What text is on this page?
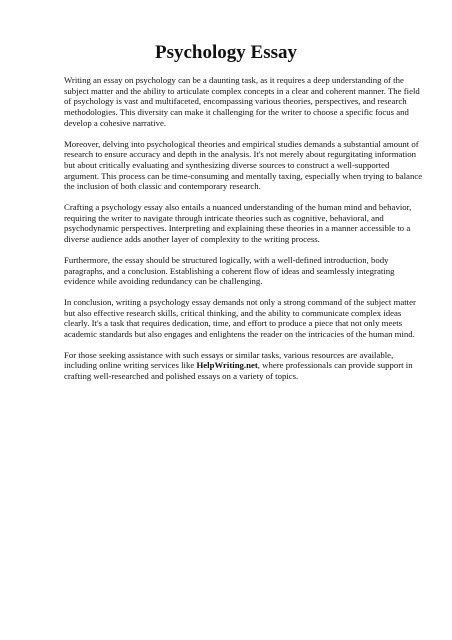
Psychology Essay

Writing an essay on psychology can be a daunting task, as it requires a deep understanding of the subject matter and the ability to articulate complex concepts in a clear and coherent manner. The field of psychology is vast and multifaceted, encompassing various theories, perspectives, and research methodologies. This diversity can make it challenging for the writer to choose a specific focus and develop a cohesive narrative.

Moreover, delving into psychological theories and empirical studies demands a substantial amount of research to ensure accuracy and depth in the analysis. It's not merely about regurgitating information but about critically evaluating and synthesizing diverse sources to construct a well-supported argument. This process can be time-consuming and mentally taxing, especially when trying to balance the inclusion of both classic and contemporary research.

Crafting a psychology essay also entails a nuanced understanding of the human mind and behavior, requiring the writer to navigate through intricate theories such as cognitive, behavioral, and psychodynamic perspectives. Interpreting and explaining these theories in a manner accessible to a diverse audience adds another layer of complexity to the writing process.

Furthermore, the essay should be structured logically, with a well-defined introduction, body paragraphs, and a conclusion. Establishing a coherent flow of ideas and seamlessly integrating evidence while avoiding redundancy can be challenging.

In conclusion, writing a psychology essay demands not only a strong command of the subject matter but also effective research skills, critical thinking, and the ability to communicate complex ideas clearly. It's a task that requires dedication, time, and effort to produce a piece that not only meets academic standards but also engages and enlightens the reader on the intricacies of the human mind.

For those seeking assistance with such essays or similar tasks, various resources are available, including online writing services like HelpWriting.net, where professionals can provide support in crafting well-researched and polished essays on a variety of topics.
